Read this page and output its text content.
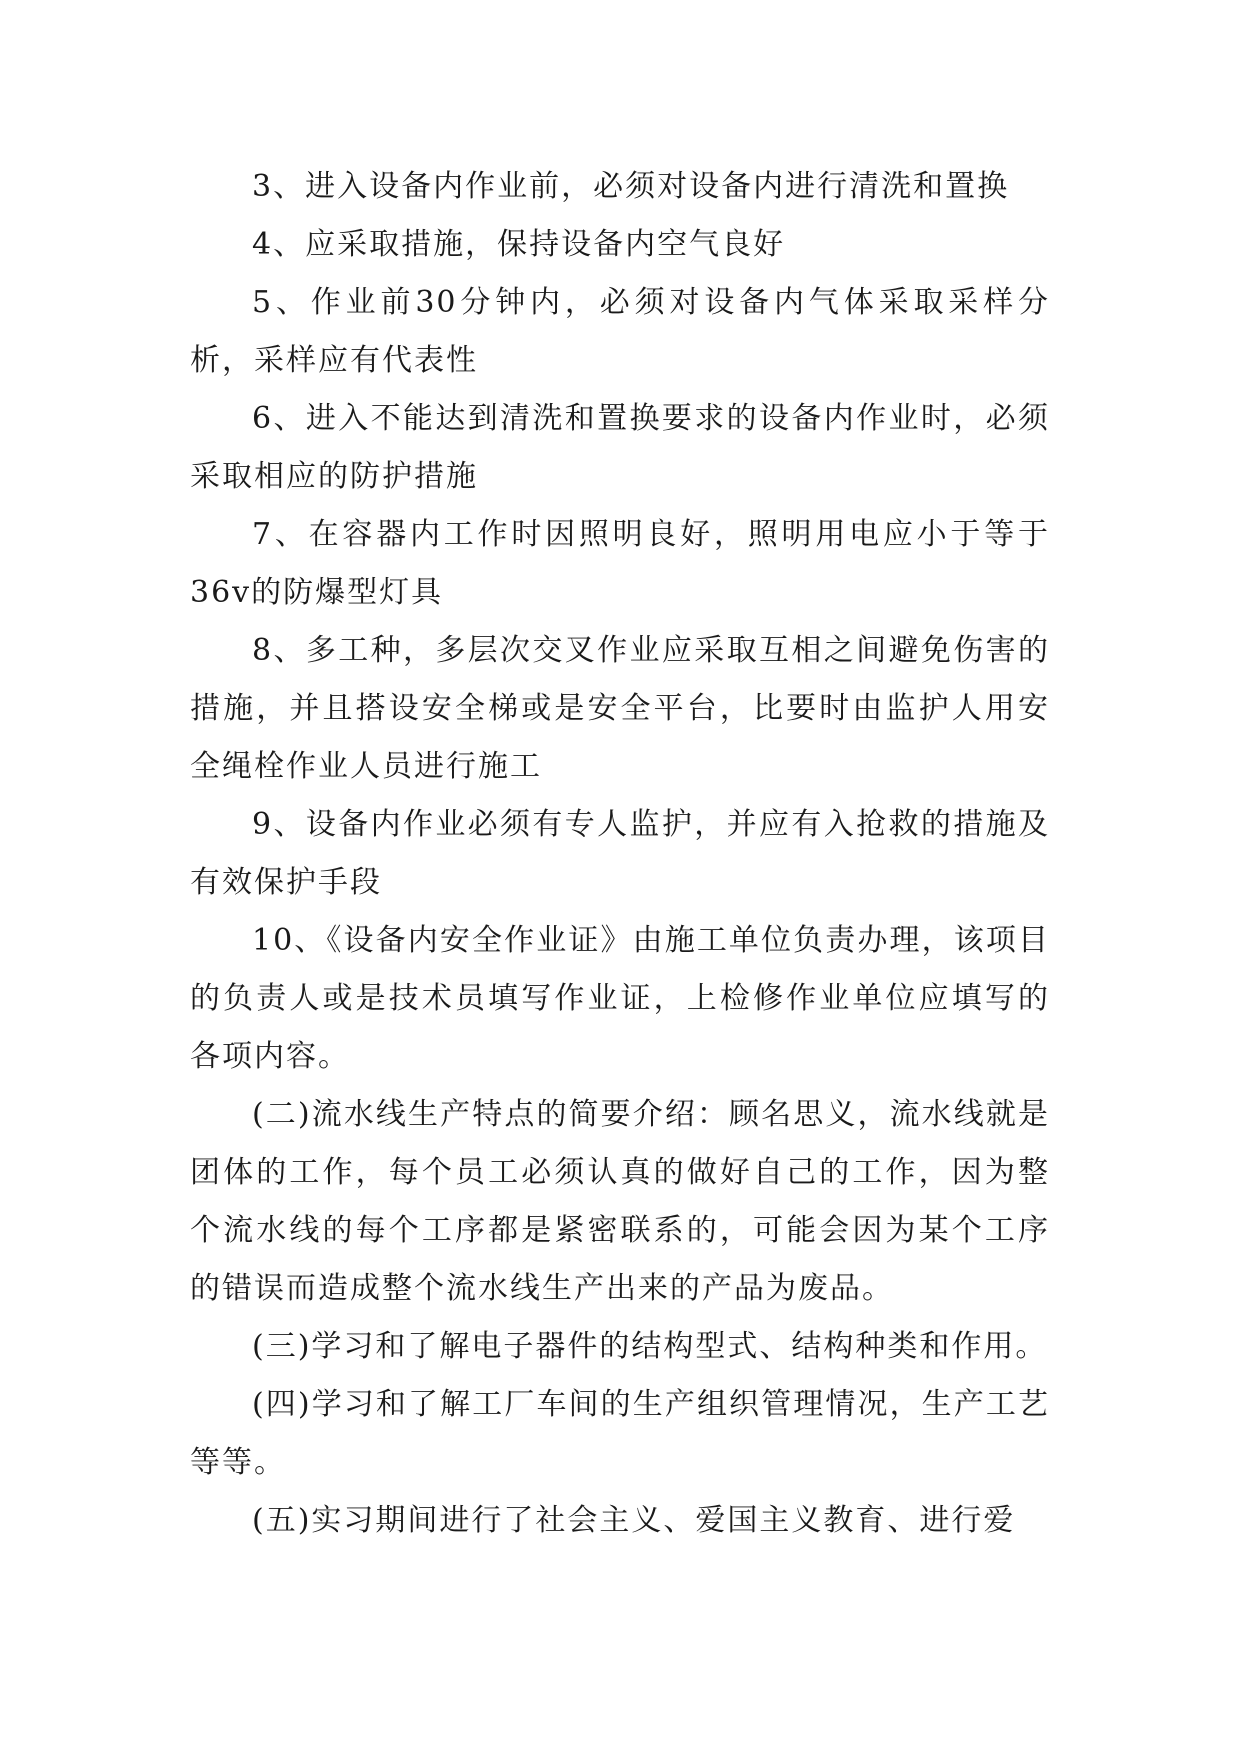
3、进入设备内作业前，必须对设备内进行清洗和置换

4、应采取措施，保持设备内空气良好

5、作业前30分钟内，必须对设备内气体采取采样分析，采样应有代表性

6、进入不能达到清洗和置换要求的设备内作业时，必须采取相应的防护措施

7、在容器内工作时因照明良好，照明用电应小于等于36v的防爆型灯具

8、多工种，多层次交叉作业应采取互相之间避免伤害的措施，并且搭设安全梯或是安全平台，比要时由监护人用安全绳栓作业人员进行施工

9、设备内作业必须有专人监护，并应有入抢救的措施及有效保护手段

10、《设备内安全作业证》由施工单位负责办理，该项目的负责人或是技术员填写作业证，上检修作业单位应填写的各项内容。

(二)流水线生产特点的简要介绍：顾名思义，流水线就是团体的工作，每个员工必须认真的做好自己的工作，因为整个流水线的每个工序都是紧密联系的，可能会因为某个工序的错误而造成整个流水线生产出来的产品为废品。

(三)学习和了解电子器件的结构型式、结构种类和作用。

(四)学习和了解工厂车间的生产组织管理情况，生产工艺等等。

(五)实习期间进行了社会主义、爱国主义教育、进行爱
